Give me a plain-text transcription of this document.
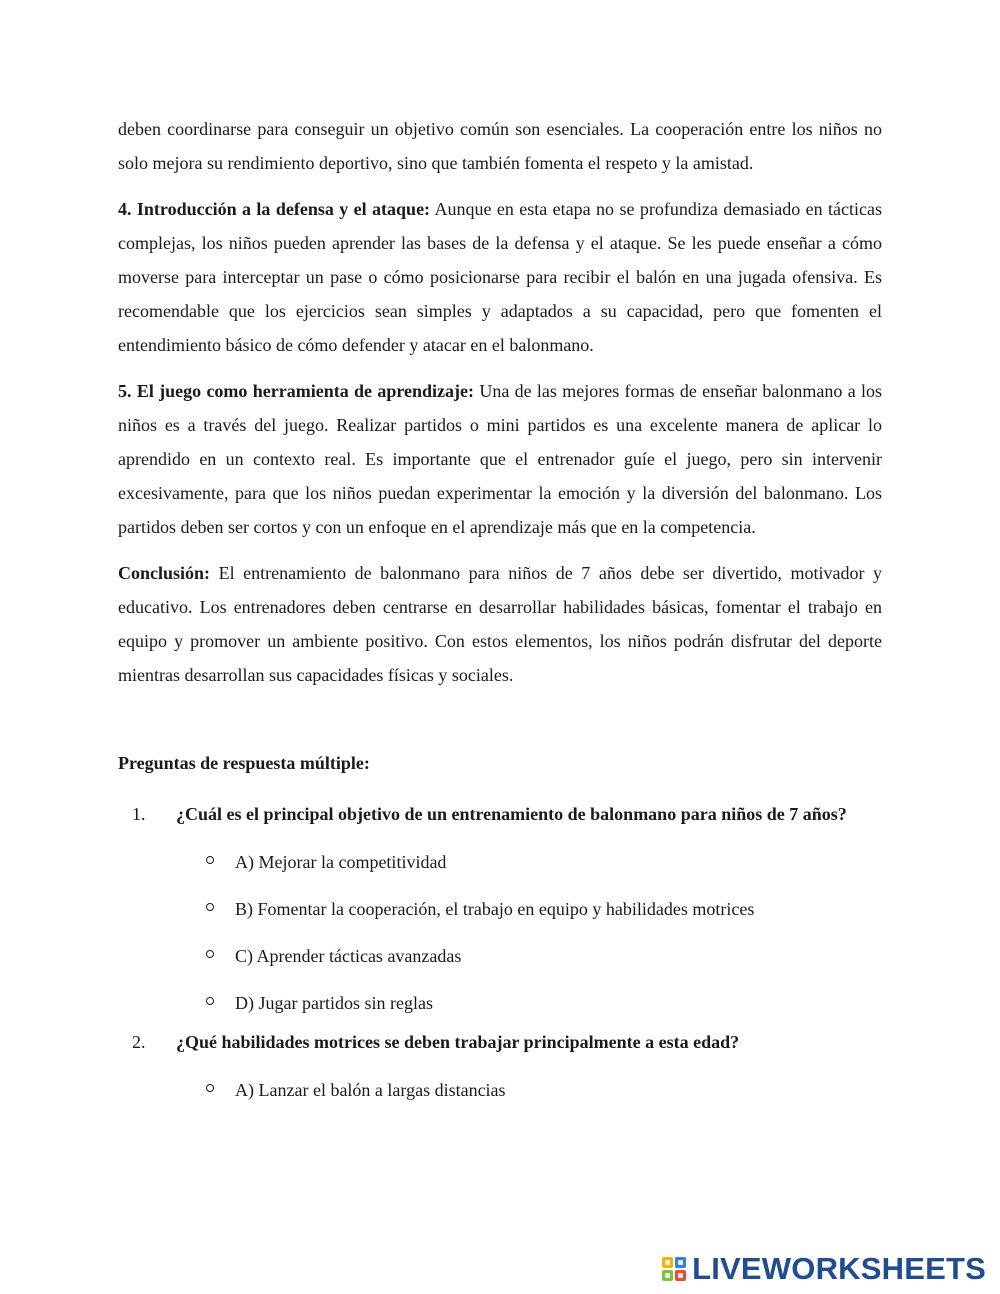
deben coordinarse para conseguir un objetivo común son esenciales. La cooperación entre los niños no solo mejora su rendimiento deportivo, sino que también fomenta el respeto y la amistad.

4. Introducción a la defensa y el ataque: Aunque en esta etapa no se profundiza demasiado en tácticas complejas, los niños pueden aprender las bases de la defensa y el ataque. Se les puede enseñar a cómo moverse para interceptar un pase o cómo posicionarse para recibir el balón en una jugada ofensiva. Es recomendable que los ejercicios sean simples y adaptados a su capacidad, pero que fomenten el entendimiento básico de cómo defender y atacar en el balonmano.

5. El juego como herramienta de aprendizaje: Una de las mejores formas de enseñar balonmano a los niños es a través del juego. Realizar partidos o mini partidos es una excelente manera de aplicar lo aprendido en un contexto real. Es importante que el entrenador guíe el juego, pero sin intervenir excesivamente, para que los niños puedan experimentar la emoción y la diversión del balonmano. Los partidos deben ser cortos y con un enfoque en el aprendizaje más que en la competencia.

Conclusión: El entrenamiento de balonmano para niños de 7 años debe ser divertido, motivador y educativo. Los entrenadores deben centrarse en desarrollar habilidades básicas, fomentar el trabajo en equipo y promover un ambiente positivo. Con estos elementos, los niños podrán disfrutar del deporte mientras desarrollan sus capacidades físicas y sociales.

Preguntas de respuesta múltiple:
1.	¿Cuál es el principal objetivo de un entrenamiento de balonmano para niños de 7 años?
A) Mejorar la competitividad
B) Fomentar la cooperación, el trabajo en equipo y habilidades motrices
C) Aprender tácticas avanzadas
D) Jugar partidos sin reglas
2.	¿Qué habilidades motrices se deben trabajar principalmente a esta edad?
A) Lanzar el balón a largas distancias
LIVEWORKSHEETS
